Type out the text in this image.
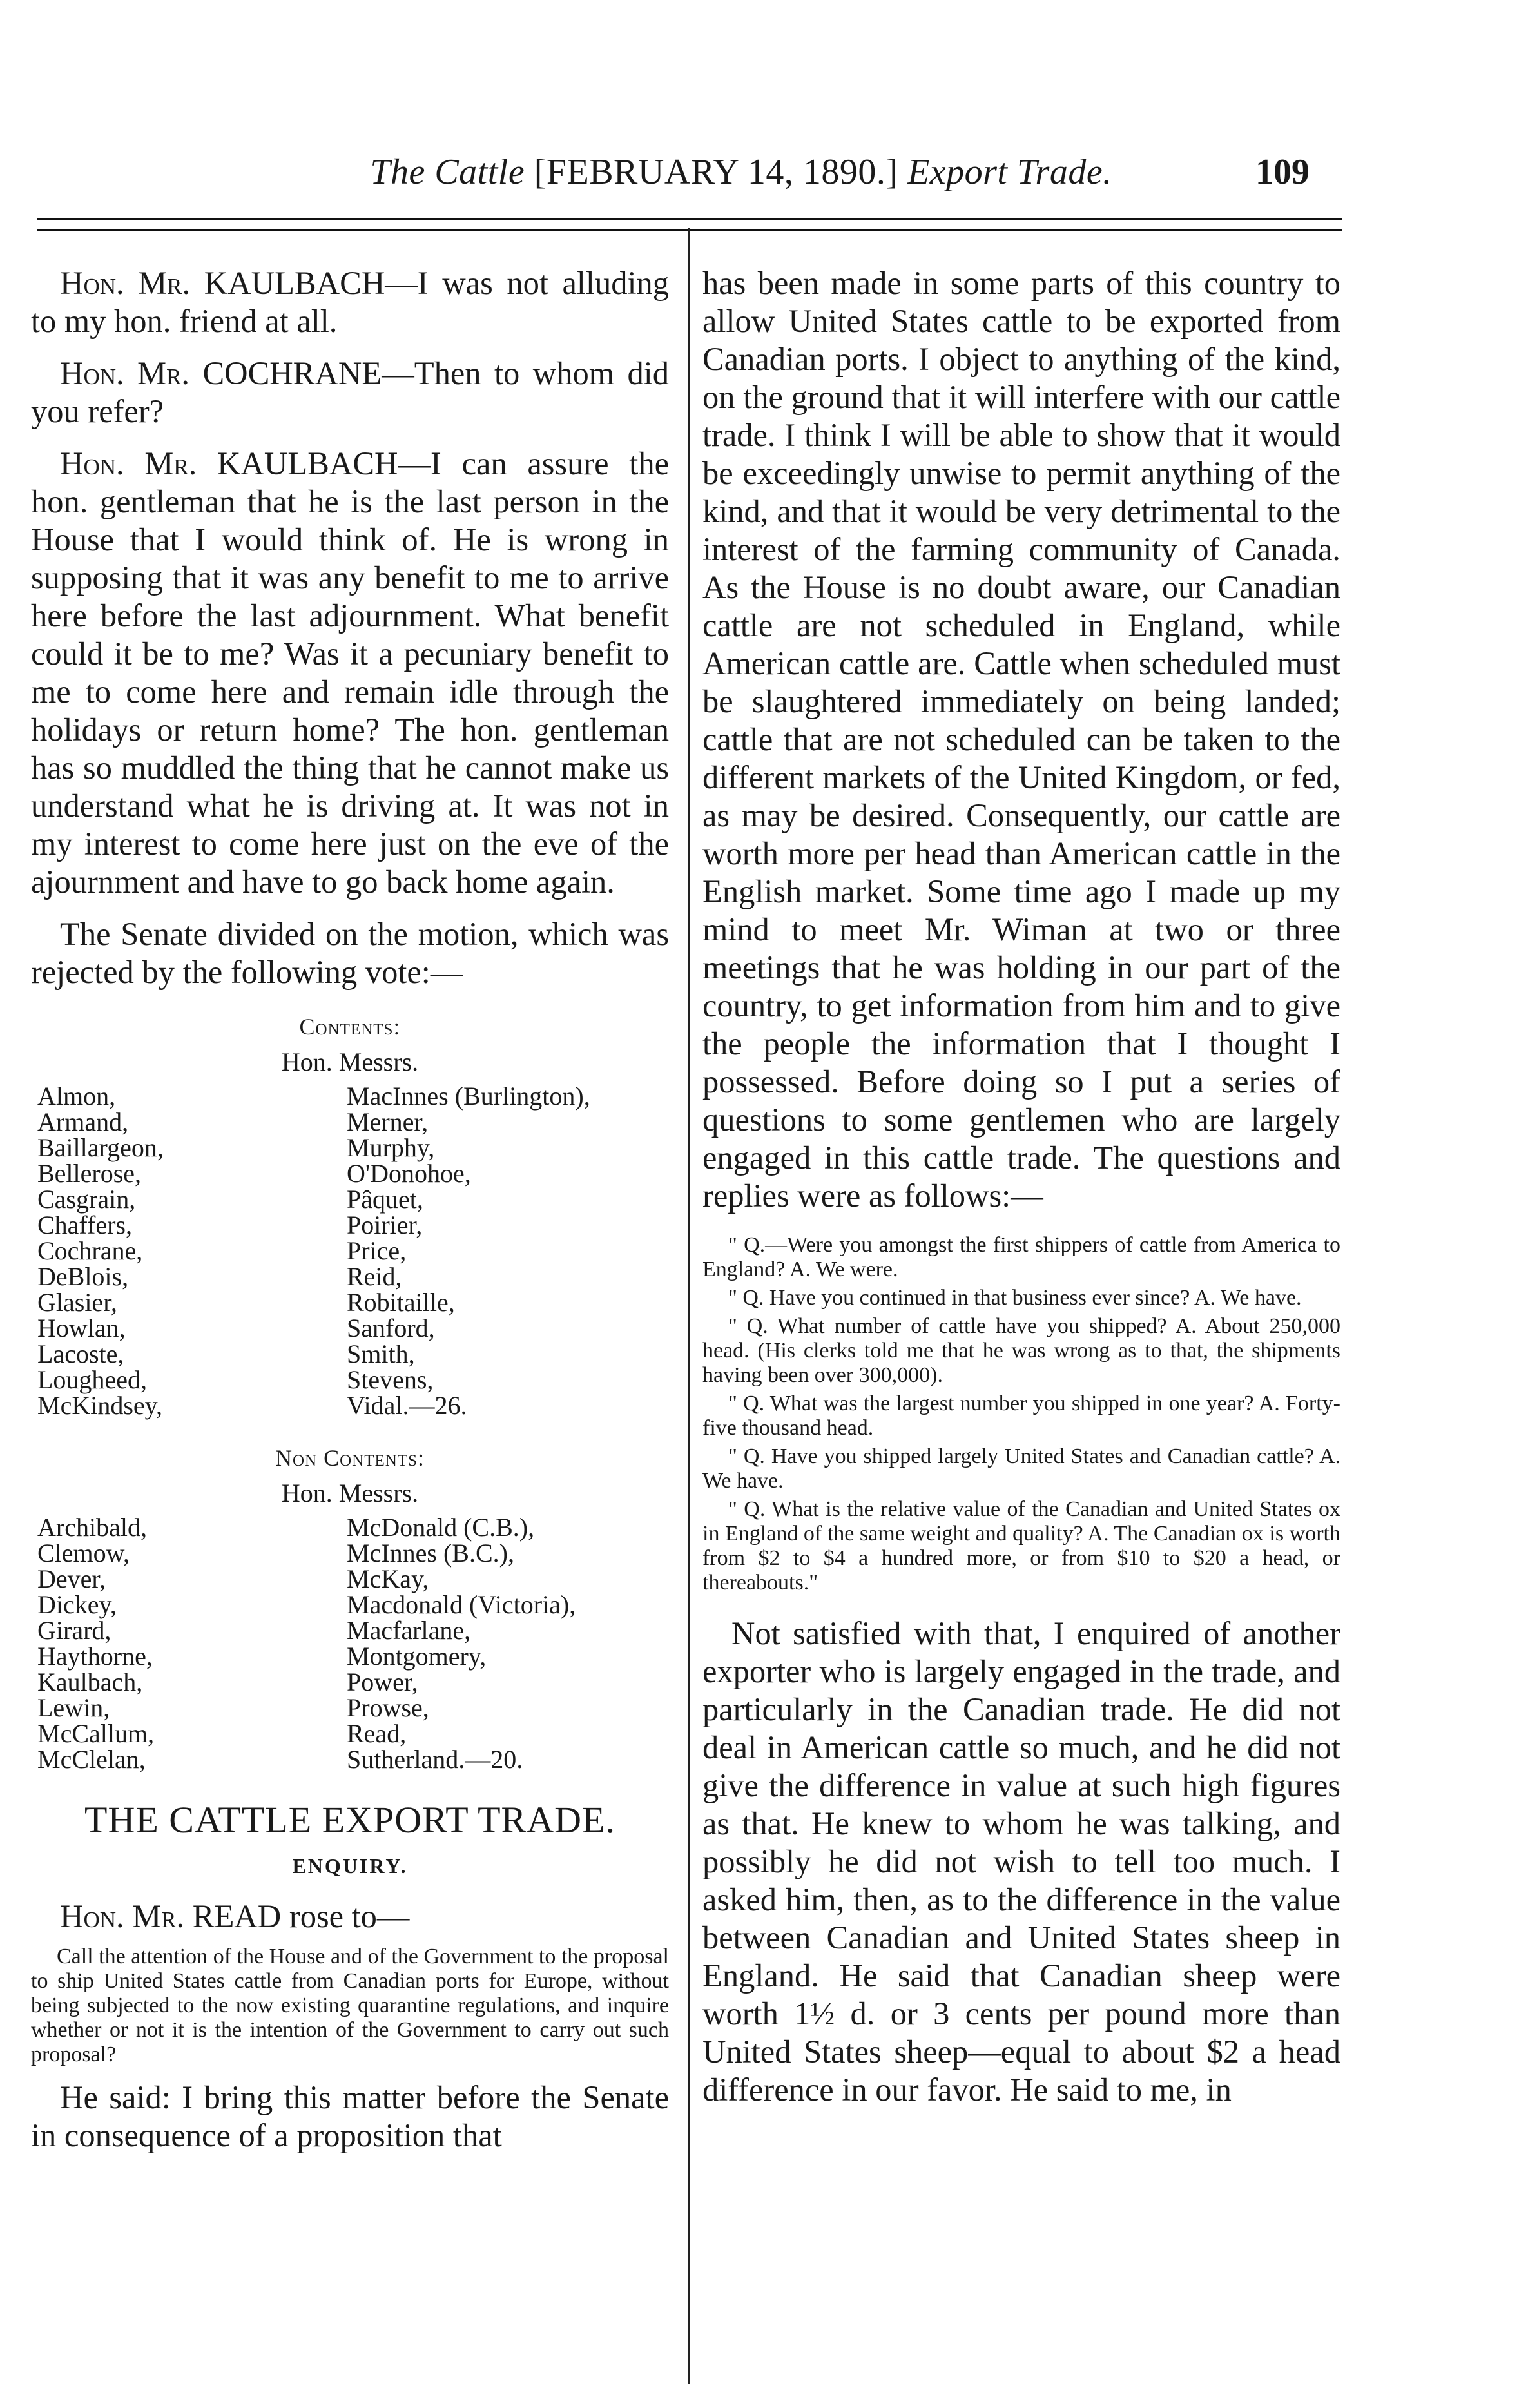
The Cattle [FEBRUARY 14, 1890.] Export Trade.	109

Hon. Mr. KAULBACH—I was not alluding to my hon. friend at all.

Hon. Mr. COCHRANE—Then to whom did you refer?

Hon. Mr. KAULBACH—I can assure the hon. gentleman that he is the last person in the House that I would think of. He is wrong in supposing that it was any benefit to me to arrive here before the last adjournment. What benefit could it be to me? Was it a pecuniary benefit to me to come here and remain idle through the holidays or return home? The hon. gentleman has so muddled the thing that he cannot make us understand what he is driving at. It was not in my interest to come here just on the eve of the ajournment and have to go back home again.

The Senate divided on the motion, which was rejected by the following vote:—

Contents:
Hon. Messrs.
Almon,
Armand,
Baillargeon,
Bellerose,
Casgrain,
Chaffers,
Cochrane,
DeBlois,
Glasier,
Howlan,
Lacoste,
Lougheed,
McKindsey,
MacInnes (Burlington),
Merner,
Murphy,
O'Donohoe,
Pâquet,
Poirier,
Price,
Reid,
Robitaille,
Sanford,
Smith,
Stevens,
Vidal.—26.
Non Contents:
Hon. Messrs.
Archibald,
Clemow,
Dever,
Dickey,
Girard,
Haythorne,
Kaulbach,
Lewin,
McCallum,
McClelan,
McDonald (C.B.),
McInnes (B.C.),
McKay,
Macdonald (Victoria),
Macfarlane,
Montgomery,
Power,
Prowse,
Read,
Sutherland.—20.
THE CATTLE EXPORT TRADE.
ENQUIRY.

Hon. Mr. READ rose to—

Call the attention of the House and of the Government to the proposal to ship United States cattle from Canadian ports for Europe, without being subjected to the now existing quarantine regulations, and inquire whether or not it is the intention of the Government to carry out such proposal?

He said: I bring this matter before the Senate in consequence of a proposition that

has been made in some parts of this country to allow United States cattle to be exported from Canadian ports. I object to anything of the kind, on the ground that it will interfere with our cattle trade. I think I will be able to show that it would be exceedingly unwise to permit anything of the kind, and that it would be very detrimental to the interest of the farming community of Canada. As the House is no doubt aware, our Canadian cattle are not scheduled in England, while American cattle are. Cattle when scheduled must be slaughtered immediately on being landed; cattle that are not scheduled can be taken to the different markets of the United Kingdom, or fed, as may be desired. Consequently, our cattle are worth more per head than American cattle in the English market. Some time ago I made up my mind to meet Mr. Wiman at two or three meetings that he was holding in our part of the country, to get information from him and to give the people the information that I thought I possessed. Before doing so I put a series of questions to some gentlemen who are largely engaged in this cattle trade. The questions and replies were as follows:—

" Q.—Were you amongst the first shippers of cattle from America to England? A. We were.

" Q. Have you continued in that business ever since? A. We have.

" Q. What number of cattle have you shipped? A. About 250,000 head. (His clerks told me that he was wrong as to that, the shipments having been over 300,000).

" Q. What was the largest number you shipped in one year? A. Forty-five thousand head.

" Q. Have you shipped largely United States and Canadian cattle? A. We have.

" Q. What is the relative value of the Canadian and United States ox in England of the same weight and quality? A. The Canadian ox is worth from $2 to $4 a hundred more, or from $10 to $20 a head, or thereabouts."

Not satisfied with that, I enquired of another exporter who is largely engaged in the trade, and particularly in the Canadian trade. He did not deal in American cattle so much, and he did not give the difference in value at such high figures as that. He knew to whom he was talking, and possibly he did not wish to tell too much. I asked him, then, as to the difference in the value between Canadian and United States sheep in England. He said that Canadian sheep were worth 1½ d. or 3 cents per pound more than United States sheep—equal to about $2 a head difference in our favor. He said to me, in
